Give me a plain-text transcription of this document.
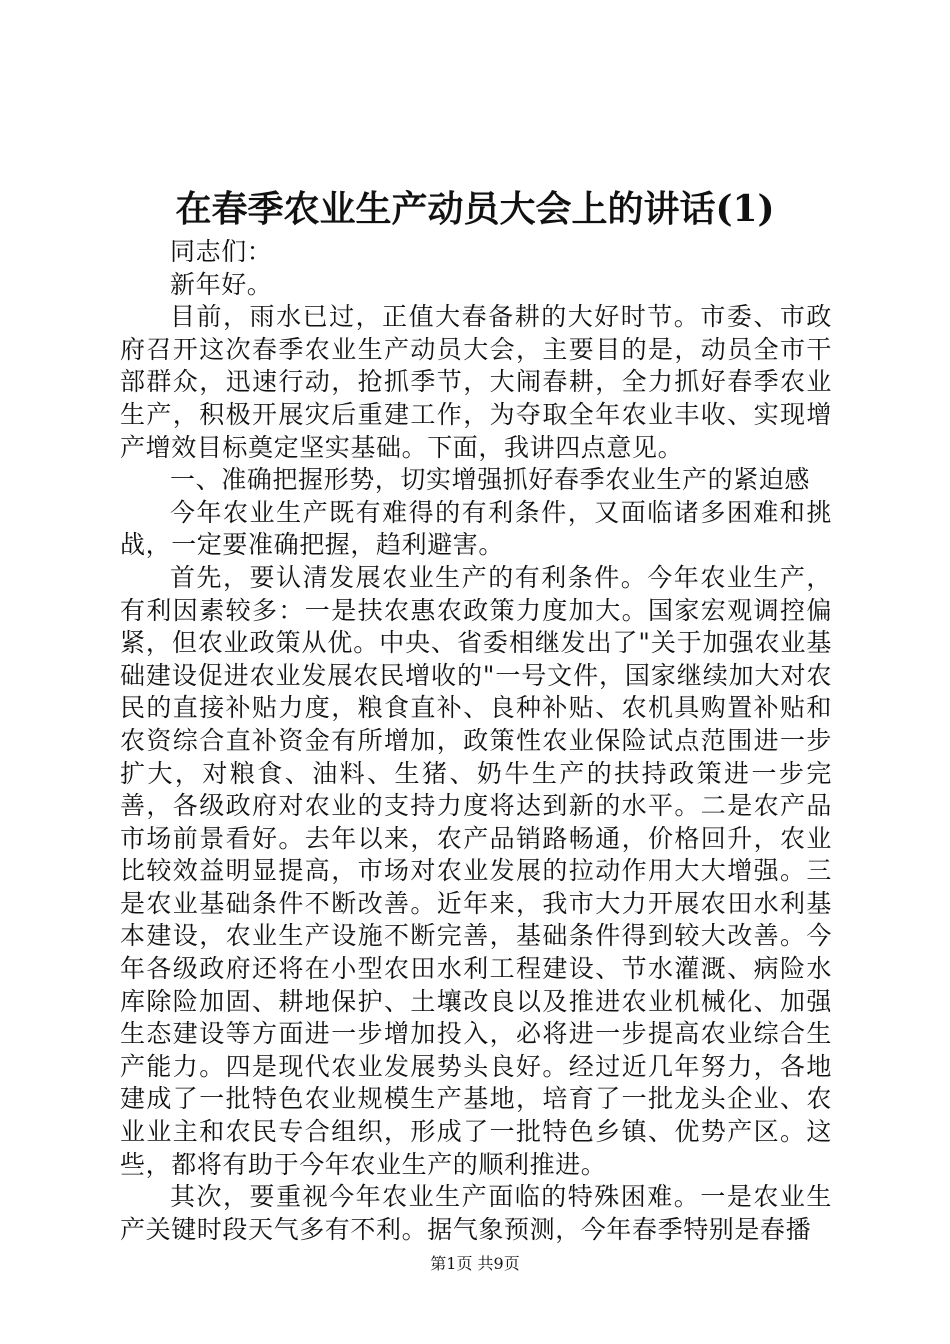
在春季农业生产动员大会上的讲话(1)

同志们：

新年好。

目前，雨水已过，正值大春备耕的大好时节。市委、市政府召开这次春季农业生产动员大会，主要目的是，动员全市干部群众，迅速行动，抢抓季节，大闹春耕，全力抓好春季农业生产，积极开展灾后重建工作，为夺取全年农业丰收、实现增产增效目标奠定坚实基础。下面，我讲四点意见。

一、准确把握形势，切实增强抓好春季农业生产的紧迫感

今年农业生产既有难得的有利条件，又面临诸多困难和挑战，一定要准确把握，趋利避害。

首先，要认清发展农业生产的有利条件。今年农业生产，有利因素较多：一是扶农惠农政策力度加大。国家宏观调控偏紧，但农业政策从优。中央、省委相继发出了"关于加强农业基础建设促进农业发展农民增收的"一号文件，国家继续加大对农民的直接补贴力度，粮食直补、良种补贴、农机具购置补贴和农资综合直补资金有所增加，政策性农业保险试点范围进一步扩大，对粮食、油料、生猪、奶牛生产的扶持政策进一步完善，各级政府对农业的支持力度将达到新的水平。二是农产品市场前景看好。去年以来，农产品销路畅通，价格回升，农业比较效益明显提高，市场对农业发展的拉动作用大大增强。三是农业基础条件不断改善。近年来，我市大力开展农田水利基本建设，农业生产设施不断完善，基础条件得到较大改善。今年各级政府还将在小型农田水利工程建设、节水灌溉、病险水库除险加固、耕地保护、土壤改良以及推进农业机械化、加强生态建设等方面进一步增加投入，必将进一步提高农业综合生产能力。四是现代农业发展势头良好。经过近几年努力，各地建成了一批特色农业规模生产基地，培育了一批龙头企业、农业业主和农民专合组织，形成了一批特色乡镇、优势产区。这些，都将有助于今年农业生产的顺利推进。

其次，要重视今年农业生产面临的特殊困难。一是农业生产关键时段天气多有不利。据气象预测，今年春季特别是春播

第1页 共9页
